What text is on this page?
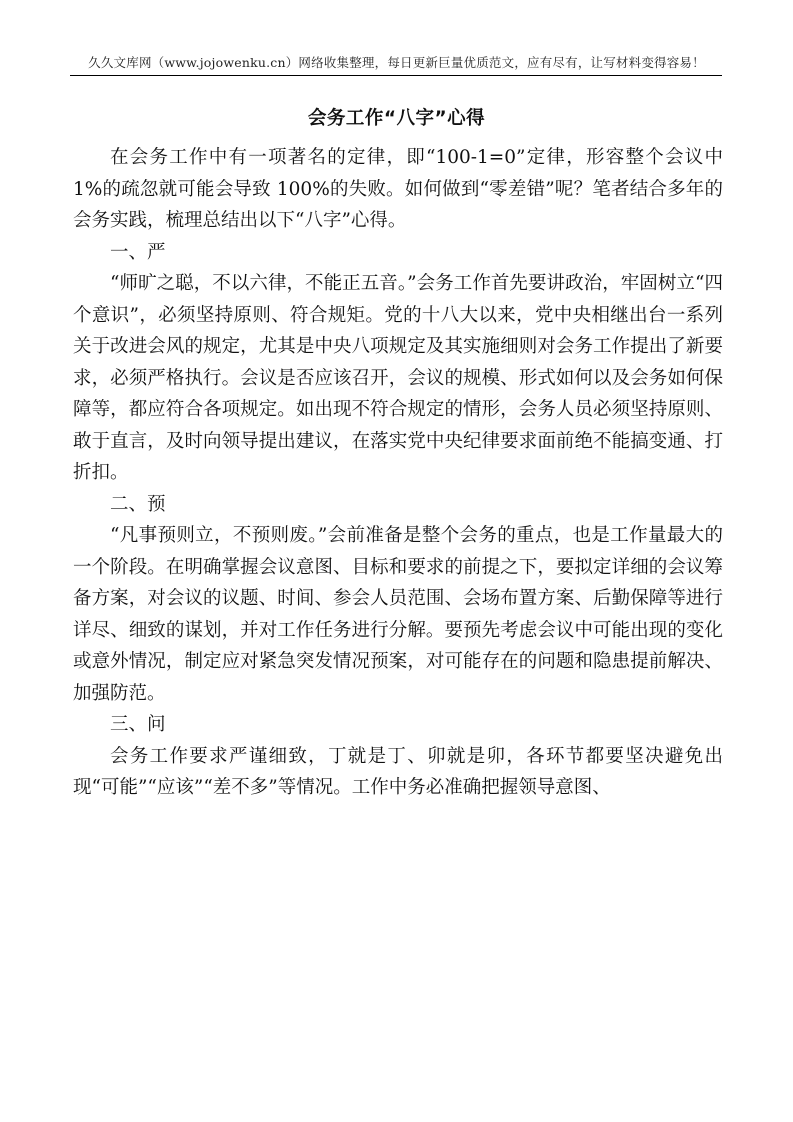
久久文库网（www.jojowenku.cn）网络收集整理，每日更新巨量优质范文，应有尽有，让写材料变得容易！
会务工作“八字”心得

在会务工作中有一项著名的定律，即“100-1=0”定律，形容整个会议中 1%的疏忽就可能会导致 100%的失败。如何做到“零差错”呢？笔者结合多年的会务实践，梳理总结出以下“八字”心得。

一、严

“师旷之聪，不以六律，不能正五音。”会务工作首先要讲政治，牢固树立“四个意识”，必须坚持原则、符合规矩。党的十八大以来，党中央相继出台一系列关于改进会风的规定，尤其是中央八项规定及其实施细则对会务工作提出了新要求，必须严格执行。会议是否应该召开，会议的规模、形式如何以及会务如何保障等，都应符合各项规定。如出现不符合规定的情形，会务人员必须坚持原则、敢于直言，及时向领导提出建议，在落实党中央纪律要求面前绝不能搞变通、打折扣。

二、预

“凡事预则立，不预则废。”会前准备是整个会务的重点，也是工作量最大的一个阶段。在明确掌握会议意图、目标和要求的前提之下，要拟定详细的会议筹备方案，对会议的议题、时间、参会人员范围、会场布置方案、后勤保障等进行详尽、细致的谋划，并对工作任务进行分解。要预先考虑会议中可能出现的变化或意外情况，制定应对紧急突发情况预案，对可能存在的问题和隐患提前解决、加强防范。

三、问

会务工作要求严谨细致，丁就是丁、卯就是卯，各环节都要坚决避免出现“可能”“应该”“差不多”等情况。工作中务必准确把握领导意图、
